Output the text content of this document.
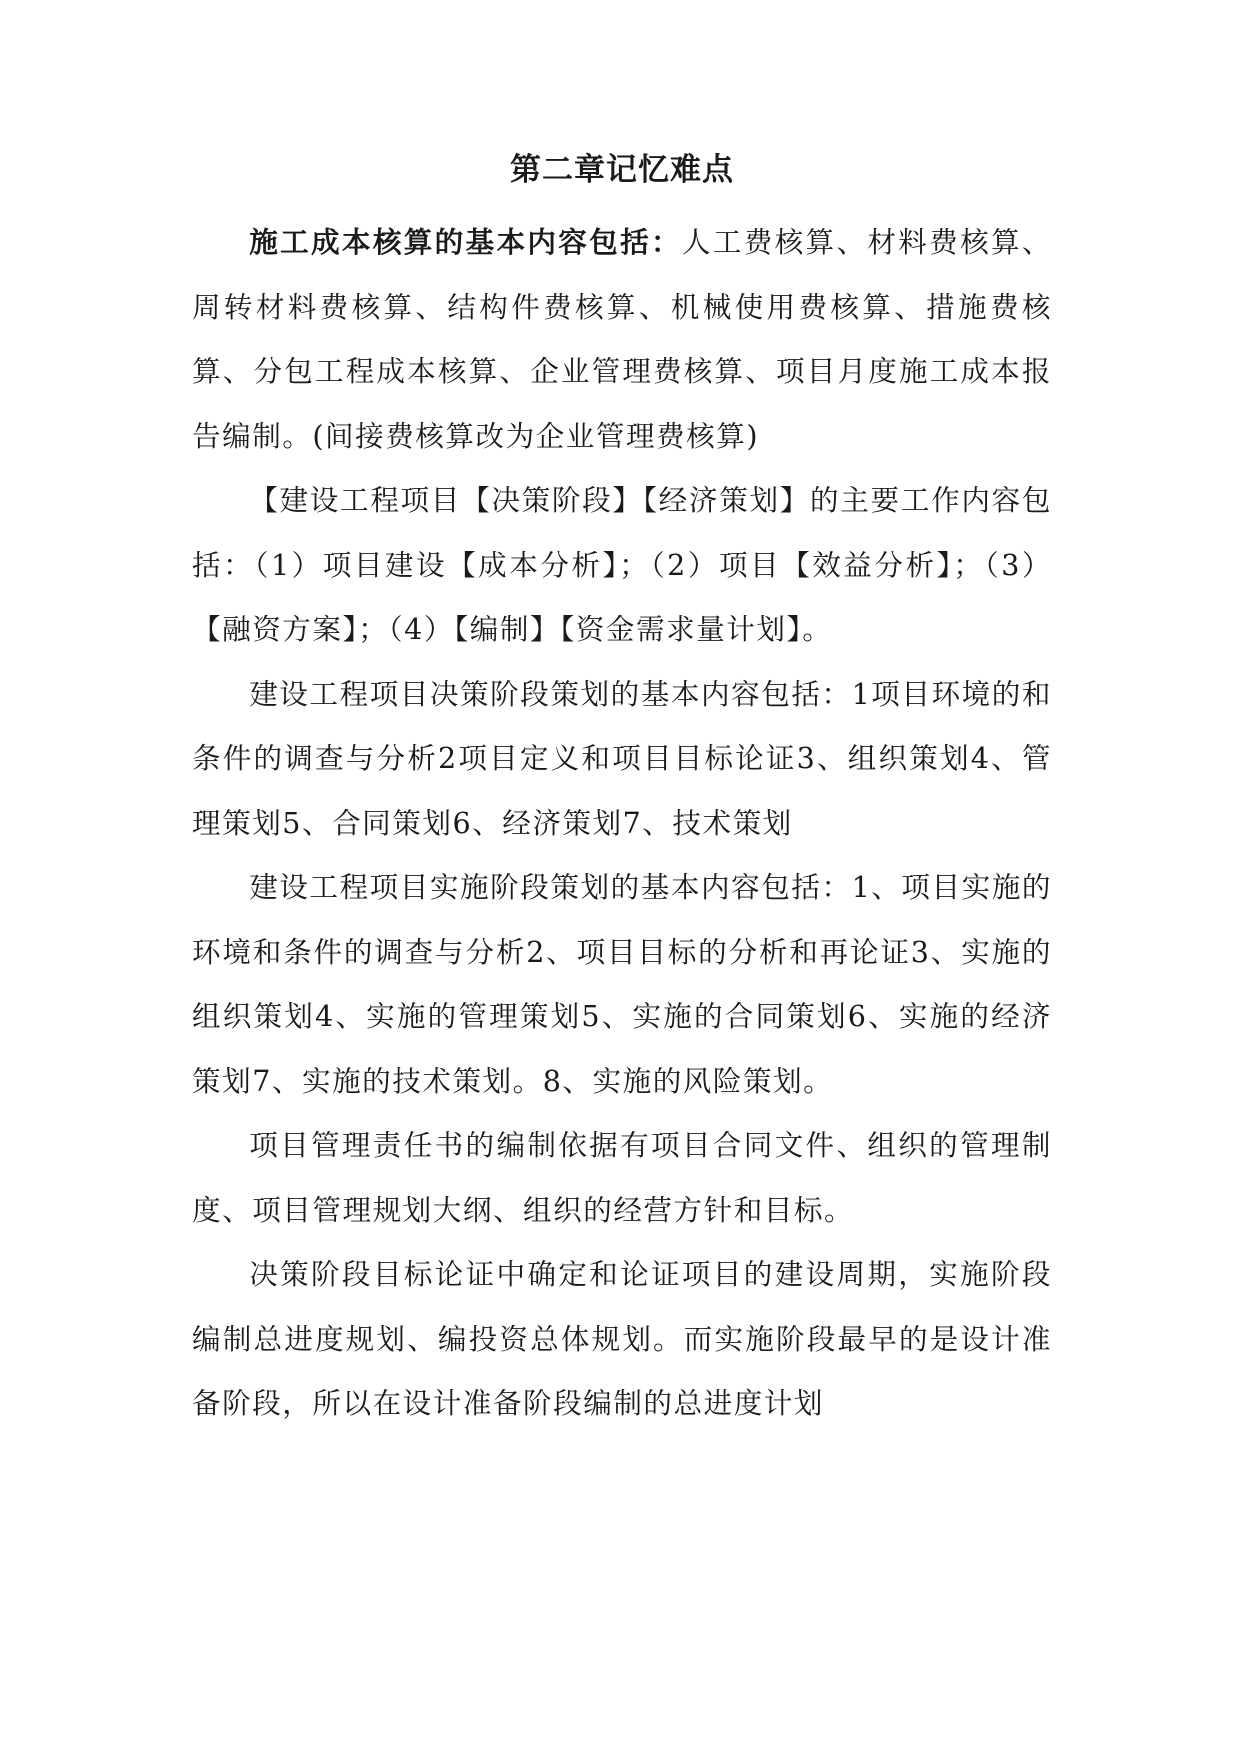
第二章记忆难点

施工成本核算的基本内容包括：人工费核算、材料费核算、周转材料费核算、结构件费核算、机械使用费核算、措施费核算、分包工程成本核算、企业管理费核算、项目月度施工成本报告编制。(间接费核算改为企业管理费核算)

【建设工程项目【决策阶段】【经济策划】的主要工作内容包括：（1）项目建设【成本分析】；（2）项目【效益分析】；（3）【融资方案】；（4）【编制】【资金需求量计划】。

建设工程项目决策阶段策划的基本内容包括：1项目环境的和条件的调查与分析2项目定义和项目目标论证3、组织策划4、管理策划5、合同策划6、经济策划7、技术策划

建设工程项目实施阶段策划的基本内容包括：1、项目实施的环境和条件的调查与分析2、项目目标的分析和再论证3、实施的组织策划4、实施的管理策划5、实施的合同策划6、实施的经济策划7、实施的技术策划。8、实施的风险策划。

项目管理责任书的编制依据有项目合同文件、组织的管理制度、项目管理规划大纲、组织的经营方针和目标。

决策阶段目标论证中确定和论证项目的建设周期，实施阶段编制总进度规划、编投资总体规划。而实施阶段最早的是设计准备阶段，所以在设计准备阶段编制的总进度计划
